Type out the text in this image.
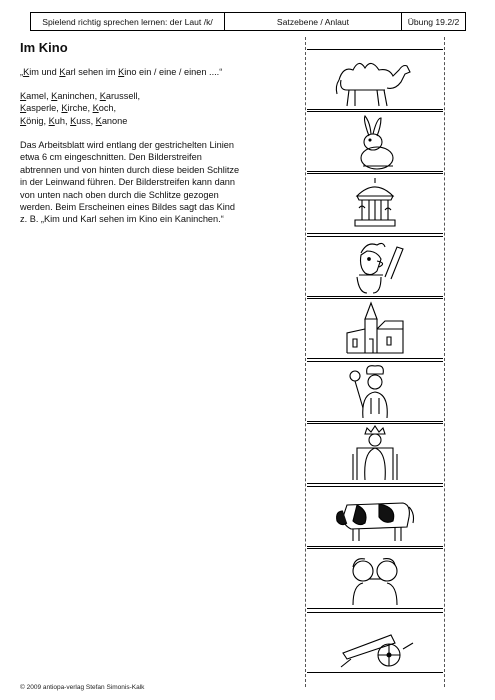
Spielend richtig sprechen lernen: der Laut /k/	Satzebene / Anlaut	Übung 19.2/2
Im Kino
„Kim und Karl sehen im Kino ein / eine / einen ....“
Kamel, Kaninchen, Karussell,
Kasperle, Kirche, Koch,
König, Kuh, Kuss, Kanone
Das Arbeitsblatt wird entlang der gestrichelten Linien
etwa 6 cm eingeschnitten. Den Bilderstreifen
abtrennen und von hinten durch diese beiden Schlitze
in der Leinwand führen. Der Bilderstreifen kann dann
von unten nach oben durch die Schlitze gezogen
werden. Beim Erscheinen eines Bildes sagt das Kind
z. B. „Kim und Karl sehen im Kino ein Kaninchen.“
© 2009 antiopa-verlag Stefan Simonis-Kalk
